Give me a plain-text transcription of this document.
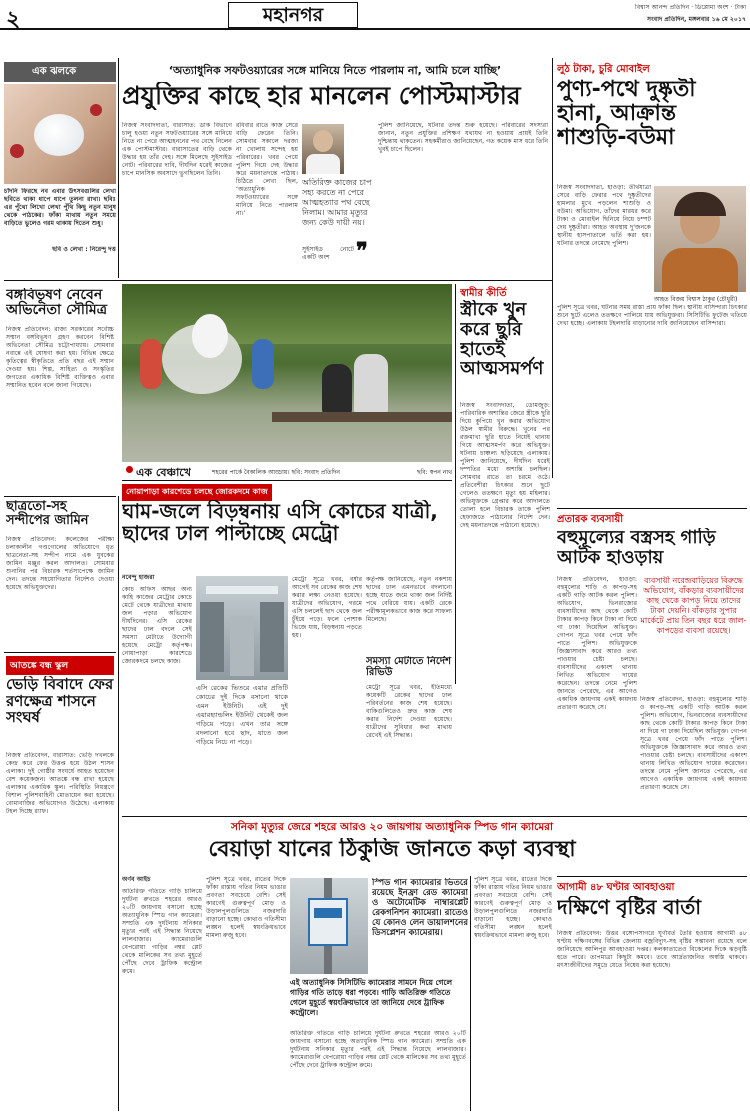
২	মহানগর	বিশ্বাস আনন্দ প্রতিদিন · ডিপ্লোমা অংশ · টাকা
সংবাদ প্রতিদিন, মঙ্গলবার ১৬ মে ২০১৭
এক ঝলকে
চাঁদনি ফিরছে নব এবার উৎসবগুলির লেখা ছবিতে থাকা ধাপে ধাপে তুলনা রাখা। ছবিঃ এর পুঁথো লিখো লেখা পুঁথি কিছু নতুন মানুষ থেকে পাঠকের। ফাঁকা মাথায় নতুন সময়ে বাড়িতে ভুলেও গরম থাকায় দিতেন শুধু।
ছবি ও লেখা : নিরেন্দু দত্ত
‘অত্যাধুনিক সফটওয়্যারের সঙ্গে মানিয়ে নিতে পারলাম না, আমি চলে যাচ্ছি’
প্রযুক্তির কাছে হার মানলেন পোস্টমাস্টার
নিজস্ব সংবাদদাতা, বারাসাত: ডাক বিভাগে চালু হওয়া নতুন সফটওয়্যারের সঙ্গে মানিয়ে নিতে না পেরে আত্মহননের পথ বেছে নিলেন এক পোস্টমাস্টার। বারাসাতের বাড়ি থেকে উদ্ধার হয় তাঁর দেহ। সঙ্গে মিলেছে সুইসাইড নোট। পরিবারের দাবি, দীর্ঘদিন ধরেই কাজের চাপে মানসিক অবসাদে ভুগছিলেন তিনি।
রবিবার রাতে কাজ সেরে বাড়ি ফেরেন তিনি। সোমবার সকালে দরজা না খোলায় সন্দেহ হয় পরিবারের। খবর পেয়ে পুলিশ গিয়ে দেহ উদ্ধার করে ময়নাতদন্তে পাঠায়। চিঠিতে লেখা ছিল, ‘অত্যাধুনিক সফটওয়্যারের সঙ্গে মানিয়ে নিতে পারলাম না।’
অতিরিক্ত কাজের চাপ সহ্য করতে না পেরে আত্মহত্যার পথ বেছে নিলাম। আমার মৃত্যুর জন্য কেউ দায়ী নয়।
❞
সুইসাইড নোটে একটি অংশ
পুলিশ জানিয়েছে, ঘটনার তদন্ত শুরু হয়েছে। পরিবারের সদস্যরা জানান, নতুন প্রযুক্তির প্রশিক্ষণ যথাযথ না হওয়ায় প্রায়ই তিনি দুশ্চিন্তায় থাকতেন। সহকর্মীরাও জানিয়েছেন, গত কয়েক মাস ধরে তিনি খুবই চাপে ছিলেন।
লুঠ টাকা, চুরি মোবাইল
পুণ্য-পথে দুষ্কৃতী হানা, আক্রান্ত শাশুড়ি-বউমা
নিজস্ব সংবাদদাতা, হাওড়া: তীর্থযাত্রা সেরে বাড়ি ফেরার পথে দুষ্কৃতীদের হামলার মুখে পড়লেন শাশুড়ি ও বউমা। অভিযোগ, তাঁদের মারধর করে টাকা ও মোবাইল ছিনিয়ে নিয়ে চম্পট দেয় দুষ্কৃতীরা। আহত অবস্থায় দু'জনকে স্থানীয় হাসপাতালে ভর্তি করা হয়। ঘটনার তদন্তে নেমেছে পুলিশ।
আহত বিজয় বিশ্বাস ঠাকুর (চৌধুরী)
পুলিশ সূত্রে খবর, ঘটনার সময় রাস্তা প্রায় ফাঁকা ছিল। স্থানীয় বাসিন্দারা চিৎকার শুনে ছুটে এলেও ততক্ষণে পালিয়ে যায় অভিযুক্তরা। সিসিটিভি ফুটেজ খতিয়ে দেখা হচ্ছে। এলাকায় টহলদারি বাড়ানোর দাবি জানিয়েছেন বাসিন্দারা।
বঙ্গবিভূষণ নেবেন অভিনেতা সৌমিত্র
নিজস্ব প্রতিবেদন: রাজ্য সরকারের সর্বোচ্চ সম্মান বঙ্গবিভূষণ গ্রহণ করবেন বিশিষ্ট অভিনেতা সৌমিত্র চট্টোপাধ্যায়। সোমবার নবান্নে এই ঘোষণা করা হয়। বিভিন্ন ক্ষেত্রে কৃতিত্বের স্বীকৃতিতে প্রতি বছর এই সম্মান দেওয়া হয়। শিল্প, সাহিত্য ও সংস্কৃতির জগতের একাধিক বিশিষ্ট ব্যক্তিত্বও এবার সম্মানিত হবেন বলে জানা গিয়েছে।
এক বেঞ্চাখে	শহরের পার্কে বৈকালিক আড্ডায়। ছবি: সংবাদ প্রতিদিন	ছবি: স্বপন নাথ
স্বামীর কীর্তি
স্ত্রীকে খুন করে ছুরি হাতেই আত্মসমর্পণ
নিজস্ব সংবাদদাতা, ডোমজুড়: পারিবারিক অশান্তির জেরে স্ত্রীকে ছুরি দিয়ে কুপিয়ে খুন করার অভিযোগ উঠল স্বামীর বিরুদ্ধে। খুনের পর রক্তমাখা ছুরি হাতে নিয়েই থানায় গিয়ে আত্মসমর্পণ করে অভিযুক্ত। ঘটনায় চাঞ্চল্য ছড়িয়েছে এলাকায়। পুলিশ জানিয়েছে, দীর্ঘদিন ধরেই দম্পতির মধ্যে অশান্তি চলছিল। সোমবার রাতে তা চরমে ওঠে। প্রতিবেশীরা চিৎকার শুনে ছুটে গেলেও ততক্ষণে মৃত্যু হয় মহিলার। অভিযুক্তকে গ্রেপ্তার করে আদালতে তোলা হলে বিচারক তাকে পুলিশ হেফাজতে পাঠানোর নির্দেশ দেন। দেহ ময়নাতদন্তে পাঠানো হয়েছে।
ছাত্রতো-সহ সন্দীপের জামিন
নিজস্ব প্রতিবেদন: কলেজের পরীক্ষা চলাকালীন গণ্ডগোলের অভিযোগে ধৃত ছাত্রনেতা-সহ সন্দীপ নামে এক যুবকের জামিন মঞ্জুর করল আদালত। সোমবার শুনানির পর বিচারক শর্তসাপেক্ষে জামিন দেন। তদন্তে সহযোগিতার নির্দেশও দেওয়া হয়েছে অভিযুক্তদের।
আতঙ্কে বন্ধ স্কুল
ভেড়ি বিবাদে ফের রণক্ষেত্র শাসনে সংঘর্ষ
নিজস্ব প্রতিবেদন, বারাসাত: ভেড়ি দখলকে কেন্দ্র করে ফের উত্তপ্ত হয়ে উঠল শাসন এলাকা। দুই গোষ্ঠীর সংঘর্ষে আহত হয়েছেন বেশ কয়েকজন। আতঙ্কে বন্ধ রাখা হয়েছে এলাকার একাধিক স্কুল। পরিস্থিতি নিয়ন্ত্রণে বিশাল পুলিশবাহিনী মোতায়েন করা হয়েছে। বোমাবাজির অভিযোগও উঠেছে। এলাকায় টহল দিচ্ছে র‍্যাফ।
নোয়াপাড়া কারশেডে চলছে জোরকদমে কাজ
ঘাম-জলে বিড়ম্বনায় এসি কোচের যাত্রী, ছাদের ঢাল পাল্টাচ্ছে মেট্রো
নবেন্দু হাজরা
কোচ অফিস আছর অন্য কাহি কাজের মেট্রোর কোচে মেটে থেকে যাত্রীদের মাথায় জল পড়ার অভিযোগ দীর্ঘদিনের। এসি রেকের ছাদের ঢাল বদলে সেই সমস্যা মেটাতে উদ্যোগী হয়েছে মেট্রো কর্তৃপক্ষ। নোয়াপাড়া কারশেডে জোরকদমে চলছে কাজ।
এসি রেকের ভিতরে এয়ার প্রতিটি কোচের দুই দিকে বসানো থাকে এমন ইউনিট। এই দুই এয়ারহ্যান্ডলিং ইউনিট থেকেই জল গড়িয়ে পড়ে। এখন তার সঙ্গে বদলানো হবে ছাদ, যাতে জল গড়িয়ে নিচে না পড়ে।
মেট্রো সূত্রে খবর, বর্ষার আগেই সব রেকের কাজ শেষ করার লক্ষ্য নেওয়া হয়েছে। যাত্রীদের অভিযোগ, গরমে এসি চললেই ছাদ থেকে জল চুঁইয়ে পড়ে। ফলে পোশাক ভিজে যায়, বিড়ম্বনায় পড়তে হয়।
কর্তৃপক্ষ জানিয়েছে, নতুন নকশায় ছাদের ঢাল এমনভাবে বদলানো হচ্ছে যাতে জমে থাকা জল নির্দিষ্ট পথে বেরিয়ে যায়। একটি রেকে পরীক্ষামূলকভাবে কাজ করে সাফল্য মিলেছে।
সমস্যা মেটাতে নির্দেশ রিভিউ
মেট্রো সূত্রে খবর, ইতিমধ্যে কয়েকটি রেকের ছাদের ঢাল পরিবর্তনের কাজ শেষ হয়েছে। বাকিগুলিতেও দ্রুত কাজ শেষ করার নির্দেশ দেওয়া হয়েছে। যাত্রীদের সুবিধার কথা মাথায় রেখেই এই সিদ্ধান্ত।
প্রতারক ব্যবসায়ী
বহুমূল্যের বস্ত্রসহ গাড়ি আটক হাওড়ায়
ব্যবসায়ী নরেন্দ্রবাড়িয়ের বিরুদ্ধে অভিযোগ, বাঁকড়ার ব্যবসায়ীদের কাছ থেকে কাপড় নিয়ে তাদের টাকা দেয়নি। বাঁকড়ার সুপার মার্কেটে প্রায় তিন বছর ধরে জাল-কাপড়ের ব্যবসা রয়েছে।
নিজস্ব প্রতিবেদন, হাওড়া: বহুমূল্যের শাড়ি ও কাপড়-সহ একটি গাড়ি আটক করল পুলিশ। অভিযোগ, ভিনরাজ্যের ব্যবসায়ীদের কাছ থেকে কোটি টাকার কাপড় কিনে টাকা না দিয়ে গা ঢাকা দিয়েছিল অভিযুক্ত। গোপন সূত্রে খবর পেয়ে ফাঁদ পাতে পুলিশ। অভিযুক্তকে জিজ্ঞাসাবাদ করে আরও তথ্য পাওয়ার চেষ্টা চলছে। ব্যবসায়ীদের একাংশ থানায় লিখিত অভিযোগ দায়ের করেছেন। তদন্তে নেমে পুলিশ জানতে পেরেছে, এর আগেও একাধিক জায়গায় একই কায়দায় প্রতারণা করেছে সে।
নিজস্ব প্রতিবেদন, হাওড়া: বহুমূল্যের শাড়ি ও কাপড়-সহ একটি গাড়ি আটক করল পুলিশ। অভিযোগ, ভিনরাজ্যের ব্যবসায়ীদের কাছ থেকে কোটি টাকার কাপড় কিনে টাকা না দিয়ে গা ঢাকা দিয়েছিল অভিযুক্ত। গোপন সূত্রে খবর পেয়ে ফাঁদ পাতে পুলিশ। অভিযুক্তকে জিজ্ঞাসাবাদ করে আরও তথ্য পাওয়ার চেষ্টা চলছে। ব্যবসায়ীদের একাংশ থানায় লিখিত অভিযোগ দায়ের করেছেন। তদন্তে নেমে পুলিশ জানতে পেরেছে, এর আগেও একাধিক জায়গায় একই কায়দায় প্রতারণা করেছে সে।
সনিকা মৃত্যুর জেরে শহরে আরও ২০ জায়গায় অত্যাধুনিক স্পিড গান ক্যামেরা
বেয়াড়া যানের ঠিকুজি জানতে কড়া ব্যবস্থা
অর্ণব আইচ
অতিরিক্ত গতিতে গাড়ি চালিয়ে দুর্ঘটনা রুখতে শহরের আরও ২০টি জায়গায় বসানো হচ্ছে অত্যাধুনিক স্পিড গান ক্যামেরা। সম্প্রতি এক দুর্ঘটনায় সনিকার মৃত্যুর পরই এই সিদ্ধান্ত নিয়েছে লালবাজার। ক্যামেরাগুলি বেপরোয়া গাড়ির নম্বর প্লেট থেকে মালিকের সব তথ্য মুহূর্তে পৌঁছে দেবে ট্রাফিক কন্ট্রোল রুমে।
পুলিশ সূত্রে খবর, রাতের দিকে ফাঁকা রাস্তায় গতির নিয়ম ভাঙার প্রবণতা সবচেয়ে বেশি। সেই কারণেই গুরুত্বপূর্ণ মোড় ও উড়ালপুলগুলিতে নজরদারি বাড়ানো হচ্ছে। কোথাও গতিসীমা লঙ্ঘন হলেই স্বয়ংক্রিয়ভাবে মামলা রুজু হবে।
স্পিড গান ক্যামেরার ভিতরে রয়েছে ইনফ্রা রেড ক্যামেরা ও অটোমেটিক নাম্বারপ্লেট রেকগনিশন ক্যামেরা। রাতেও যে কোনও লেন ডায়ালশনের ডিসপ্লেশন ক্যামেরায়।
এই অত্যাধুনিক সিসিটিভি ক্যামেরার সামনে দিয়ে গেলে গাড়ির গতি তাড়ে ধরা পড়বে। গাড়ি অতিরিক্ত গতিতে গেলে মুহূর্তে স্বয়ংক্রিয়ভাবে তা জানিয়ে দেবে ট্রাফিক কন্ট্রোলে।
অতিরিক্ত গতিতে গাড়ি চালিয়ে দুর্ঘটনা রুখতে শহরের আরও ২০টি জায়গায় বসানো হচ্ছে অত্যাধুনিক স্পিড গান ক্যামেরা। সম্প্রতি এক দুর্ঘটনায় সনিকার মৃত্যুর পরই এই সিদ্ধান্ত নিয়েছে লালবাজার। ক্যামেরাগুলি বেপরোয়া গাড়ির নম্বর প্লেট থেকে মালিকের সব তথ্য মুহূর্তে পৌঁছে দেবে ট্রাফিক কন্ট্রোল রুমে।
পুলিশ সূত্রে খবর, রাতের দিকে ফাঁকা রাস্তায় গতির নিয়ম ভাঙার প্রবণতা সবচেয়ে বেশি। সেই কারণেই গুরুত্বপূর্ণ মোড় ও উড়ালপুলগুলিতে নজরদারি বাড়ানো হচ্ছে। কোথাও গতিসীমা লঙ্ঘন হলেই স্বয়ংক্রিয়ভাবে মামলা রুজু হবে।
আগামী ৪৮ ঘণ্টার আবহাওয়া
দক্ষিণে বৃষ্টির বার্তা
নিজস্ব প্রতিবেদন: উত্তর বঙ্গোপসাগরে ঘূর্ণাবর্ত তৈরি হওয়ায় আগামী ৪৮ ঘণ্টায় দক্ষিণবঙ্গের বিভিন্ন জেলায় বজ্রবিদ্যুৎ-সহ বৃষ্টির সম্ভাবনা রয়েছে বলে জানিয়েছে আলিপুর আবহাওয়া দপ্তর। কলকাতাতেও বিকেলের দিকে ঝড়বৃষ্টি হতে পারে। তাপমাত্রা কিছুটা কমবে। তবে আর্দ্রতাজনিত অস্বস্তি থাকবে। মৎস্যজীবীদের সমুদ্রে যেতে নিষেধ করা হয়েছে।
